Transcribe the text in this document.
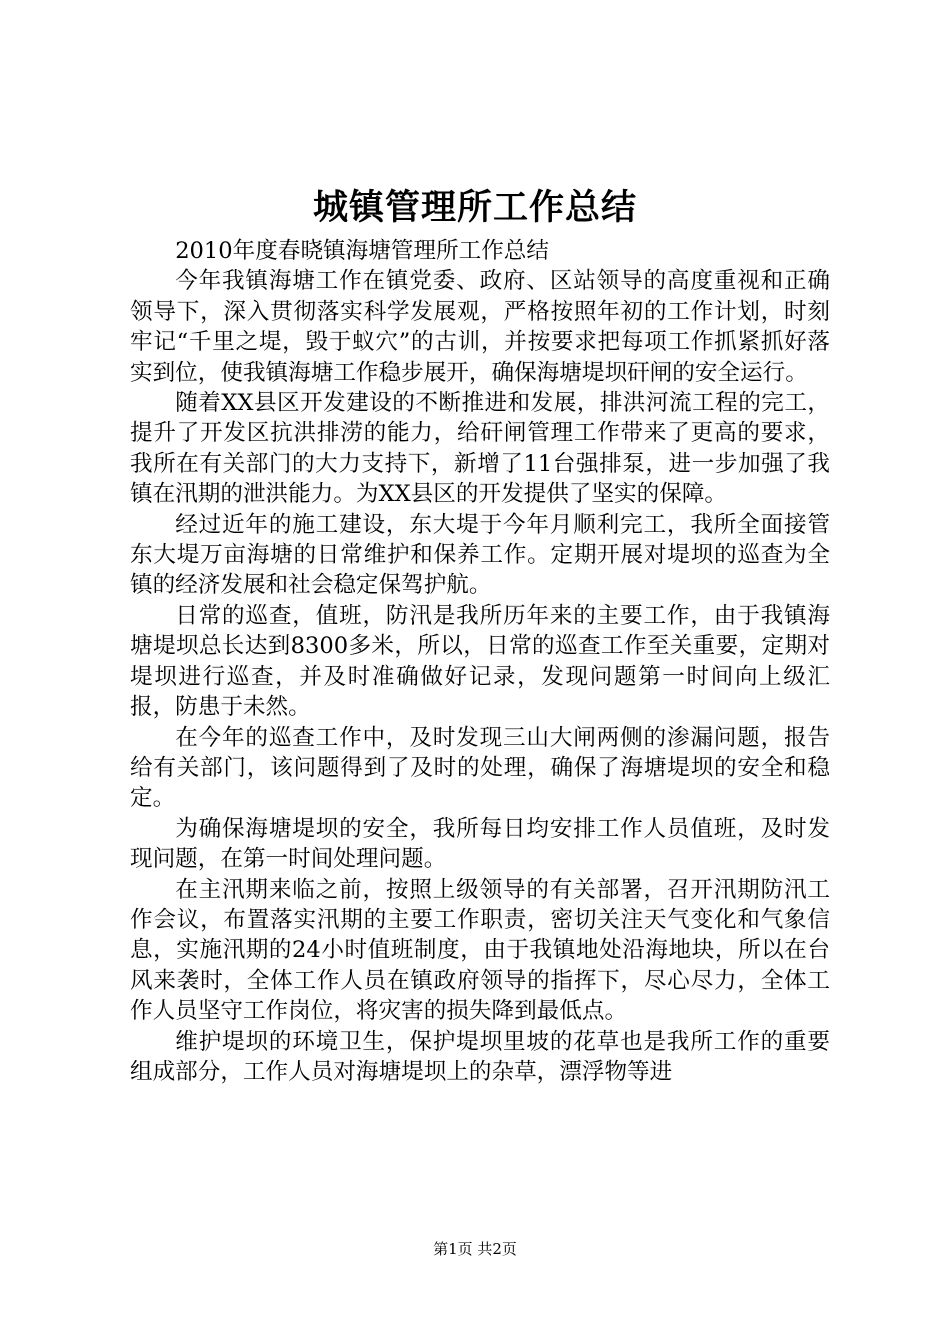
城镇管理所工作总结

2010年度春晓镇海塘管理所工作总结

今年我镇海塘工作在镇党委、政府、区站领导的高度重视和正确领导下，深入贯彻落实科学发展观，严格按照年初的工作计划，时刻牢记“千里之堤，毁于蚁穴”的古训，并按要求把每项工作抓紧抓好落实到位，使我镇海塘工作稳步展开，确保海塘堤坝矸闸的安全运行。

随着XX县区开发建设的不断推进和发展，排洪河流工程的完工，提升了开发区抗洪排涝的能力，给矸闸管理工作带来了更高的要求，我所在有关部门的大力支持下，新增了11台强排泵，进一步加强了我镇在汛期的泄洪能力。为XX县区的开发提供了坚实的保障。

经过近年的施工建设，东大堤于今年月顺利完工，我所全面接管东大堤万亩海塘的日常维护和保养工作。定期开展对堤坝的巡查为全镇的经济发展和社会稳定保驾护航。

日常的巡查，值班，防汛是我所历年来的主要工作，由于我镇海塘堤坝总长达到8300多米，所以，日常的巡查工作至关重要，定期对堤坝进行巡查，并及时准确做好记录，发现问题第一时间向上级汇报，防患于未然。

在今年的巡查工作中，及时发现三山大闸两侧的渗漏问题，报告给有关部门，该问题得到了及时的处理，确保了海塘堤坝的安全和稳定。

为确保海塘堤坝的安全，我所每日均安排工作人员值班，及时发现问题，在第一时间处理问题。

在主汛期来临之前，按照上级领导的有关部署，召开汛期防汛工作会议，布置落实汛期的主要工作职责，密切关注天气变化和气象信息，实施汛期的24小时值班制度，由于我镇地处沿海地块，所以在台风来袭时，全体工作人员在镇政府领导的指挥下，尽心尽力，全体工作人员坚守工作岗位，将灾害的损失降到最低点。

维护堤坝的环境卫生，保护堤坝里坡的花草也是我所工作的重要组成部分，工作人员对海塘堤坝上的杂草，漂浮物等进

第1页 共2页
